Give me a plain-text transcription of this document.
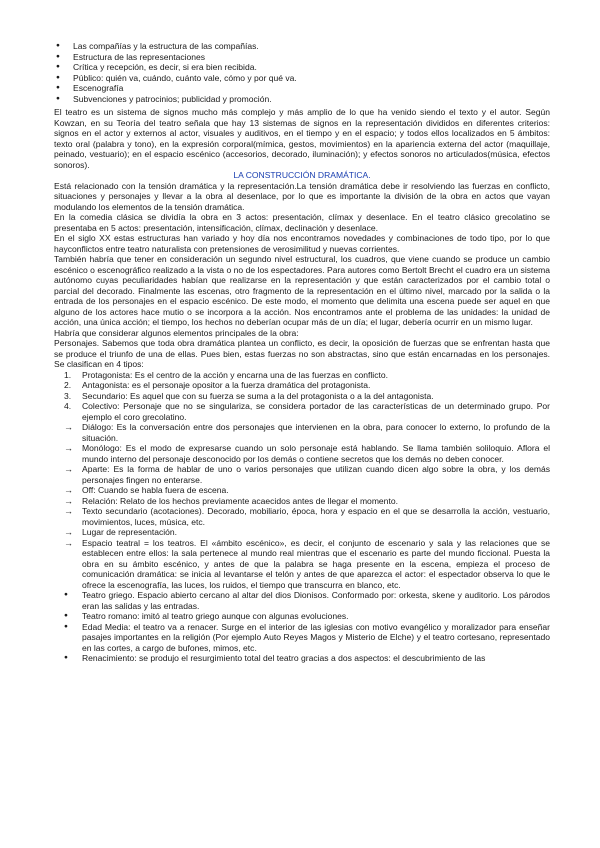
● Las compañías y la estructura de las compañías.
● Estructura de las representaciones
● Crítica y recepción, es decir, si era bien recibida.
● Público: quién va, cuándo, cuánto vale, cómo y por qué va.
● Escenografía
● Subvenciones y patrocinios; publicidad y promoción.

El teatro es un sistema de signos mucho más complejo y más amplio de lo que ha venido siendo el texto y el autor. Según Kowzan, en su Teoría del teatro señala que hay 13 sistemas de signos en la representación divididos en diferentes criterios: signos en el actor y externos al actor, visuales y auditivos, en el tiempo y en el espacio; y todos ellos localizados en 5 ámbitos: texto oral (palabra y tono), en la expresión corporal(mímica, gestos, movimientos) en la apariencia externa del actor (maquillaje, peinado, vestuario); en el espacio escénico (accesorios, decorado, iluminación); y efectos sonoros no articulados(música, efectos sonoros).

LA CONSTRUCCIÓN DRAMÁTICA.

Está relacionado con la tensión dramática y la representación.La tensión dramática debe ir resolviendo las fuerzas en conflicto, situaciones y personajes y llevar a la obra al desenlace, por lo que es importante la división de la obra en actos que vayan modulando los elementos de la tensión dramática.

En la comedia clásica se dividía la obra en 3 actos: presentación, clímax y desenlace. En el teatro clásico grecolatino se presentaba en 5 actos: presentación, intensificación, clímax, declinación y desenlace.

En el siglo XX estas estructuras han variado y hoy día nos encontramos novedades y combinaciones de todo tipo, por lo que hayconflictos entre teatro naturalista con pretensiones de verosimilitud y nuevas corrientes.

También habría que tener en consideración un segundo nivel estructural, los cuadros, que viene cuando se produce un cambio escénico o escenográfico realizado a la vista o no de los espectadores. Para autores como Bertolt Brecht el cuadro era un sistema autónomo cuyas peculiaridades habían que realizarse en la representación y que están caracterizados por el cambio total o parcial del decorado. Finalmente las escenas, otro fragmento de la representación en el último nivel, marcado por la salida o la entrada de los personajes en el espacio escénico. De este modo, el momento que delimita una escena puede ser aquel en que alguno de los actores hace mutio o se incorpora a la acción. Nos encontramos ante el problema de las unidades: la unidad de acción, una única acción; el tiempo, los hechos no deberían ocupar más de un día; el lugar, debería ocurrir en un mismo lugar.

Habría que considerar algunos elementos principales de la obra:

Personajes. Sabemos que toda obra dramática plantea un conflicto, es decir, la oposición de fuerzas que se enfrentan hasta que se produce el triunfo de una de ellas. Pues bien, estas fuerzas no son abstractas, sino que están encarnadas en los personajes. Se clasifican en 4 tipos:

1. Protagonista: Es el centro de la acción y encarna una de las fuerzas en conflicto.
2. Antagonista: es el personaje opositor a la fuerza dramática del protagonista.
3. Secundario: Es aquel que con su fuerza se suma a la del protagonista o a la del antagonista.
4. Colectivo: Personaje que no se singulariza, se considera portador de las características de un determinado grupo. Por ejemplo el coro grecolatino.
→ Diálogo: Es la conversación entre dos personajes que intervienen en la obra, para conocer lo externo, lo profundo de la situación.
→ Monólogo: Es el modo de expresarse cuando un solo personaje está hablando. Se llama también soliloquio. Aflora el mundo interno del personaje desconocido por los demás o contiene secretos que los demás no deben conocer.
→ Aparte: Es la forma de hablar de uno o varios personajes que utilizan cuando dicen algo sobre la obra, y los demás personajes fingen no enterarse.
→ Off: Cuando se habla fuera de escena.
→ Relación: Relato de los hechos previamente acaecidos antes de llegar el momento.
→ Texto secundario (acotaciones). Decorado, mobiliario, época, hora y espacio en el que se desarrolla la acción, vestuario, movimientos, luces, música, etc.
→ Lugar de representación.
→ Espacio teatral = los teatros. El «ámbito escénico», es decir, el conjunto de escenario y sala y las relaciones que se establecen entre ellos: la sala pertenece al mundo real mientras que el escenario es parte del mundo ficcional. Puesta la obra en su ámbito escénico, y antes de que la palabra se haga presente en la escena, empieza el proceso de comunicación dramática: se inicia al levantarse el telón y antes de que aparezca el actor: el espectador observa lo que le ofrece la escenografía, las luces, los ruidos, el tiempo que transcurra en blanco, etc.
● Teatro griego. Espacio abierto cercano al altar del dios Dionisos. Conformado por: orkesta, skene y auditorio. Los párodos eran las salidas y las entradas.
● Teatro romano: imitó al teatro griego aunque con algunas evoluciones.
● Edad Media: el teatro va a renacer. Surge en el interior de las iglesias con motivo evangélico y moralizador para enseñar pasajes importantes en la religión (Por ejemplo Auto Reyes Magos y Misterio de Elche) y el teatro cortesano, representado en las cortes, a cargo de bufones, mimos, etc.
● Renacimiento: se produjo el resurgimiento total del teatro gracias a dos aspectos: el descubrimiento de las
